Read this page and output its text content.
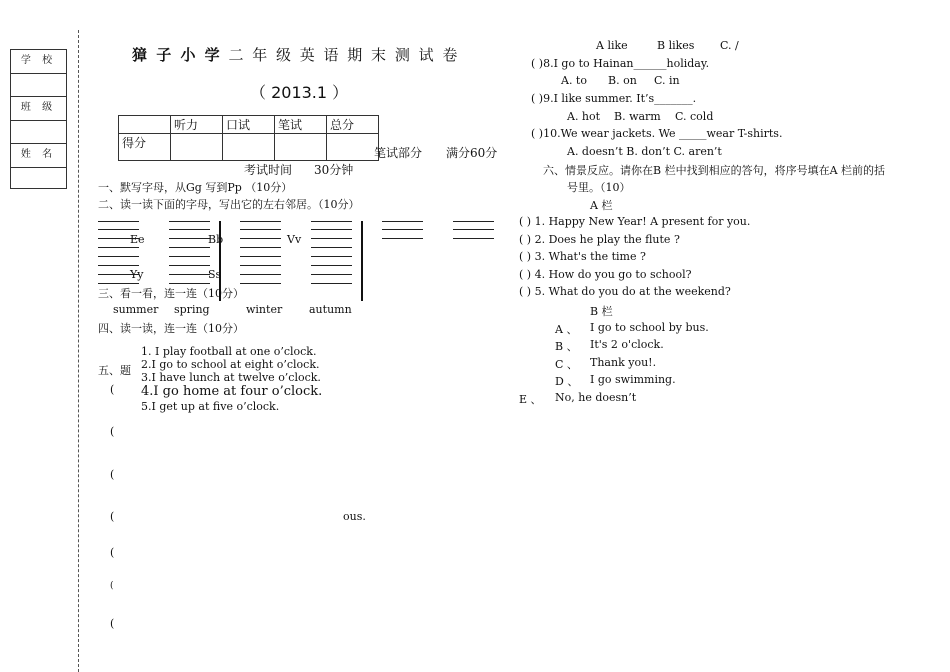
学 校
班 级
姓 名
獐 子 小 学 二 年 级 英 语 期 末 测 试 卷
（ 2013.1 ）
	听力	口试	笔试	总分
得分				
笔试部分 满分60分
考试时间 30分钟
一、默写字母，从Gg 写到Pp （10分）
二、读一读下面的字母，写出它的左右邻居。（10分）
Ee	Bb	Vv
Yy	Ss
三、看一看，连一连（10分）
summer spring	winter autumn
四、读一读，连一连（10分）
五、题
1. I play football at one o’clock.
2.I go to school at eight o’clock.
3.I have lunch at twelve o’clock.
4.I go home at four o’clock.
5.I get up at five o’clock.
(
(
(
(
(
(
(
ous.
A like	B likes C. /
( )8.I go to Hainan______holiday.
A. to B. on C. in
( )9.I like summer. It’s_______.
A. hot B. warm C. cold
( )10.We wear jackets. We _____wear T-shirts.
A. doesn’t B. don’t C. aren’t
六、情景反应。请你在B 栏中找到相应的答句，将序号填在A 栏前的括
号里。（10）
A 栏
( ) 1. Happy New Year! A present for you.
( ) 2. Does he play the flute ?
( ) 3. What's the time ?
( ) 4. How do you go to school?
( ) 5. What do you do at the weekend?
B 栏
A 、 I go to school by bus.
B 、 It's 2 o'clock.
C 、 Thank you!.
D 、 I go swimming.
E 、 No, he doesn’t
